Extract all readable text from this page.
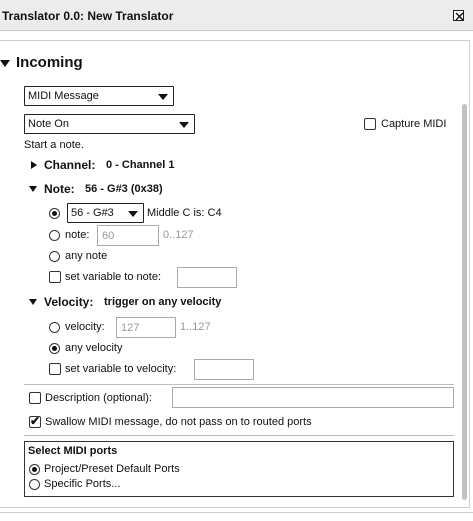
Translator 0.0: New Translator
Incoming
MIDI Message
Note On	Capture MIDI
Start a note.
Channel: 0 - Channel 1
Note: 56 - G#3 (0x38)
56 - G#3	Middle C is: C4
note: 60	0..127
any note
set variable to note:
Velocity: trigger on any velocity
velocity: 127	1..127
any velocity
set variable to velocity:
Description (optional):
✔ Swallow MIDI message, do not pass on to routed ports
Select MIDI ports
Project/Preset Default Ports
Specific Ports...
